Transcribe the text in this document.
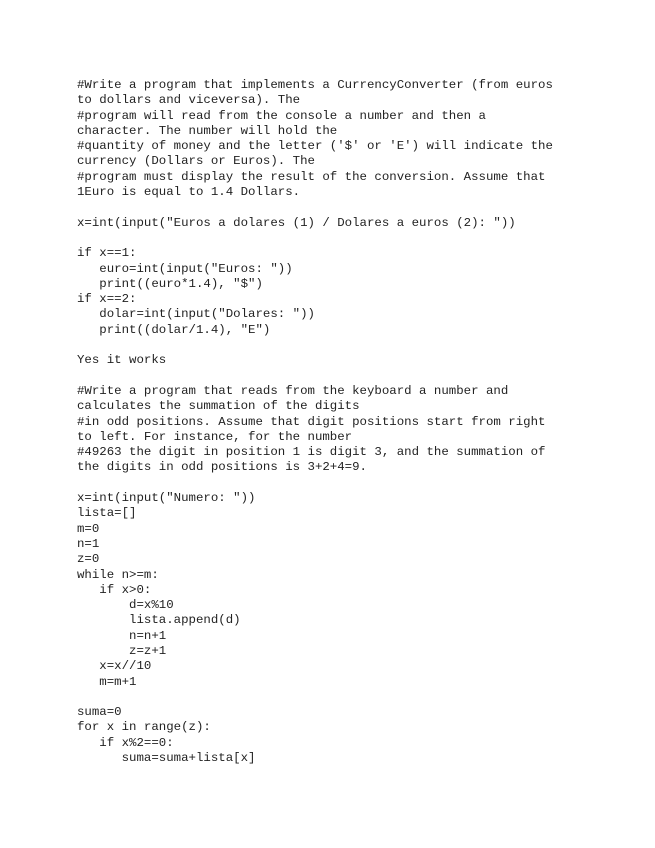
#Write a program that implements a CurrencyConverter (from euros
to dollars and viceversa). The
#program will read from the console a number and then a
character. The number will hold the
#quantity of money and the letter ('$' or 'E') will indicate the
currency (Dollars or Euros). The
#program must display the result of the conversion. Assume that
1Euro is equal to 1.4 Dollars.
x=int(input("Euros a dolares (1) / Dolares a euros (2): "))
if x==1:
euro=int(input("Euros: "))
print((euro*1.4), "$")
if x==2:
dolar=int(input("Dolares: "))
print((dolar/1.4), "E")
Yes it works
#Write a program that reads from the keyboard a number and
calculates the summation of the digits
#in odd positions. Assume that digit positions start from right
to left. For instance, for the number
#49263 the digit in position 1 is digit 3, and the summation of
the digits in odd positions is 3+2+4=9.
x=int(input("Numero: "))
lista=[]
m=0
n=1
z=0
while n>=m:
if x>0:
d=x%10
lista.append(d)
n=n+1
z=z+1
x=x//10
m=m+1
suma=0
for x in range(z):
if x%2==0:
suma=suma+lista[x]
